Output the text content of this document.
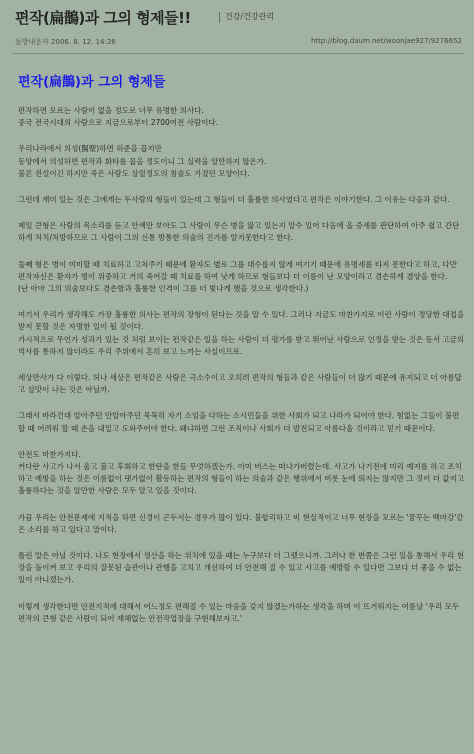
편작(扁鵲)과 그의 형제들!!	건강/건강관리
돌방내운자 2006. 8. 12. 14:26	http://blog.daum.net/woonjae927/9276652
편작(扁鵲)과 그의 형제들
편작하면 모르는 사람이 없을 정도로 너무 유명한 의사다.
중국 전국시대의 사람으로 지금으로부터 2700여전 사람이다.
우리나라에서 의성(醫聖)하면 허준을 꼽지만
동양에서 의성하면 편작과 화타를 꼽을 정도이니 그 실력을 알만하지 않은가.
물론 전설이긴 하지만 죽은 사람도 살릴정도의 침술도 가졌던 모양이다.
그런데 재미 있는 것은 그에게는 두사람의 형들이 있는데 그 형들이 더 훌륭한 의사였다고 편작은 이야기한다. 그 이유는 다음과 같다.
제일 큰형은 사람의 목소리를 듣고 안색만 보아도 그 사람이 무슨 병을 앓고 있는지 알수 있어 다음에 올 증세를 판단하여 아주 쉽고 간단하게 처치/처방하므로 그 사람이 그의 신통 방통한 의술의 진가를 알지못한다고 한다.
둘째 형은 병이 미미할 때 치료하고 고쳐주기 때문에 환자도 별로 그를 대수롭지 않게 여기기 때문에 유명세를 타지 못한다고 하고, 다만 편작자신은 환자가 병이 위중하고 거의 죽어갈 때 치료를 하여 낫게 하므로 형들보다 더 이름이 난 모양이라고 겸손하게 겸양을 한다.
(난 아마 그의 의술보다도 겸손함과 훌륭한 인격이 그를 더 빛나게 했을 것으로 생각한다.)
여기서 우리가 생각해도 가장 훌륭한 의사는 편작의 장형이 된다는 것을 알 수 있다. 그러나 지금도 마찬가지로 이런 사람이 정당한 대접을 받지 못할 것은 자명한 일이 될 것이다.
가시적으로 무언가 성과가 있는 것 처럼 보이는 편작같은 일을 하는 사람이 더 평가를 받고 뛰어난 사람으로 인정을 받는 것은 동서 고금의 역사를 통하지 않더라도 우리 주위에서 흔히 보고 느끼는 사실이므로.
세상만사가 다 이렇다. 허나 세상은 편작같은 사람은 극소수이고 오히려 편작의 형들과 같은 사람들이 더 많기 때문에 유지되고 더 아름답고 살맛이 나는 것은 아닐까.
그래서 바라건대 알아주던 안알아주던 묵묵히 자기 소임을 다하는 소시민들을 위한 사회가 되고 나라가 되어야 한다. 힘없는 그들이 불편할 때 어려워 할 때 손을 내밀고 도와주어야 한다. 왜냐하면 그런 조직이나 사회가 더 발전되고 아름다울 것이라고 믿기 때문이다.
안전도 마찬가지다.
커다란 사고가 나서 울고 불고 후회하고 한탄을 한들 무엇하겠는가. 이미 버스는 떠나가버렸는데. 사고가 나기전에 미리 예지를 하고 조치하고 예방을 하는 것은 이름없이 댓가없이 활동하는 편작의 형들이 하는 의술과 같은 행위에서 비롯 눈에 띄지는 않지만 그 것이 더 값지고 훌륭하다는 것을 알만한 사람은 모두 알고 있을 것이다.
가끔 우리는 안전문제에 지적을 하면 신경이 곤두서는 경우가 많이 있다. 불합리하고 비 현실적이고 너무 현장을 모르는 '꿈꾸는 백마강'같은 소리를 하고 있다고 말이다.
틀린 말은 아닐 것이다. 나도 현장에서 생산을 하는 위치에 있을 때는 누구보다 더 그랬으니까. 그러나 한 번쯤은 그런 일을 통해서 우리 현장을 돌이켜 보고 우리의 잘못된 습관이나 관행을 고치고 개선하여 더 안전해 질 수 있고 사고를 예방할 수 있다면 그보다 더 좋을 수 없는 일이 아니겠는가.
이렇게 생각한다면 안전지적에 대해서 어느정도 편해질 수 있는 마음을 갖지 않겠는가하는 생각을 하며 이 뜨거워지는 여름날 '우리 모두 편작의 큰형 같은 사람이 되어 재해없는 안전작업장을 구현해보자고.'
